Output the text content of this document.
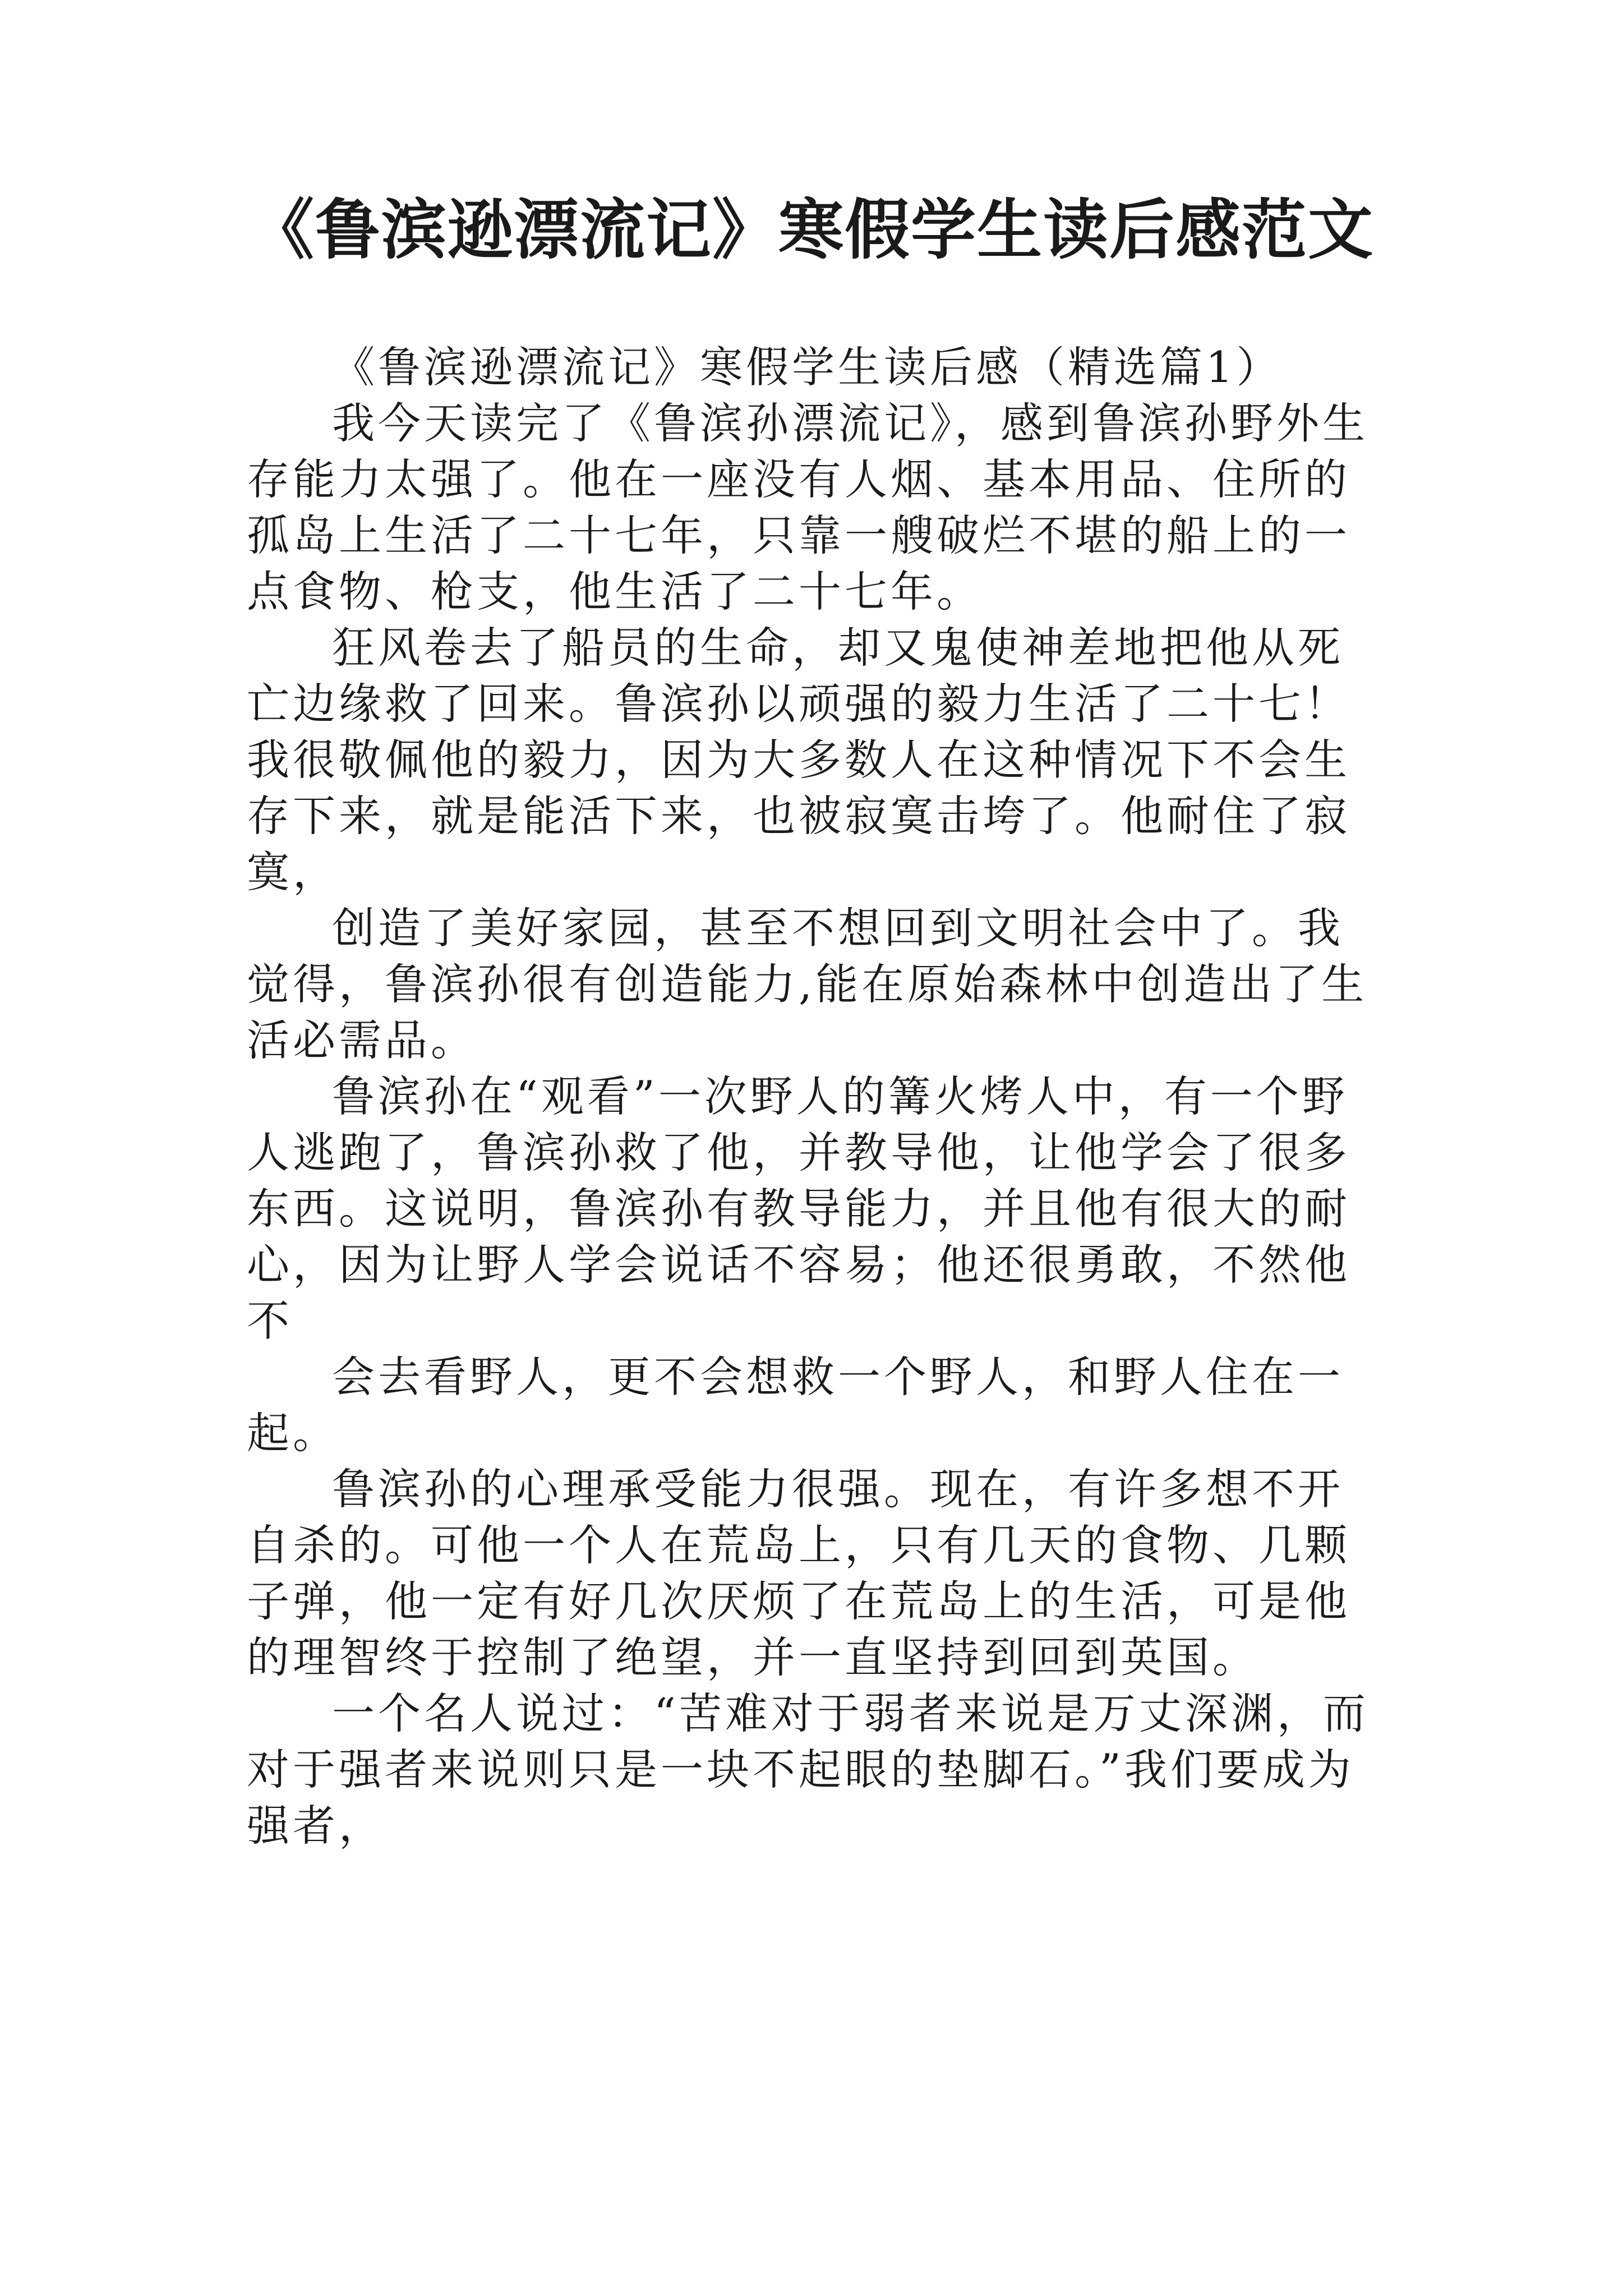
《鲁滨逊漂流记》寒假学生读后感范文

《鲁滨逊漂流记》寒假学生读后感（精选篇1）

我今天读完了《鲁滨孙漂流记》，感到鲁滨孙野外生存能力太强了。他在一座没有人烟、基本用品、住所的孤岛上生活了二十七年，只靠一艘破烂不堪的船上的一点食物、枪支，他生活了二十七年。

狂风卷去了船员的生命，却又鬼使神差地把他从死亡边缘救了回来。鲁滨孙以顽强的毅力生活了二十七！我很敬佩他的毅力，因为大多数人在这种情况下不会生存下来，就是能活下来，也被寂寞击垮了。他耐住了寂寞，

创造了美好家园，甚至不想回到文明社会中了。我觉得，鲁滨孙很有创造能力,能在原始森林中创造出了生活必需品。

鲁滨孙在“观看”一次野人的篝火烤人中，有一个野人逃跑了，鲁滨孙救了他，并教导他，让他学会了很多东西。这说明，鲁滨孙有教导能力，并且他有很大的耐心，因为让野人学会说话不容易；他还很勇敢，不然他不

会去看野人，更不会想救一个野人，和野人住在一起。

鲁滨孙的心理承受能力很强。现在，有许多想不开自杀的。可他一个人在荒岛上，只有几天的食物、几颗子弹，他一定有好几次厌烦了在荒岛上的生活，可是他的理智终于控制了绝望，并一直坚持到回到英国。

一个名人说过：“苦难对于弱者来说是万丈深渊，而对于强者来说则只是一块不起眼的垫脚石。”我们要成为强者，
